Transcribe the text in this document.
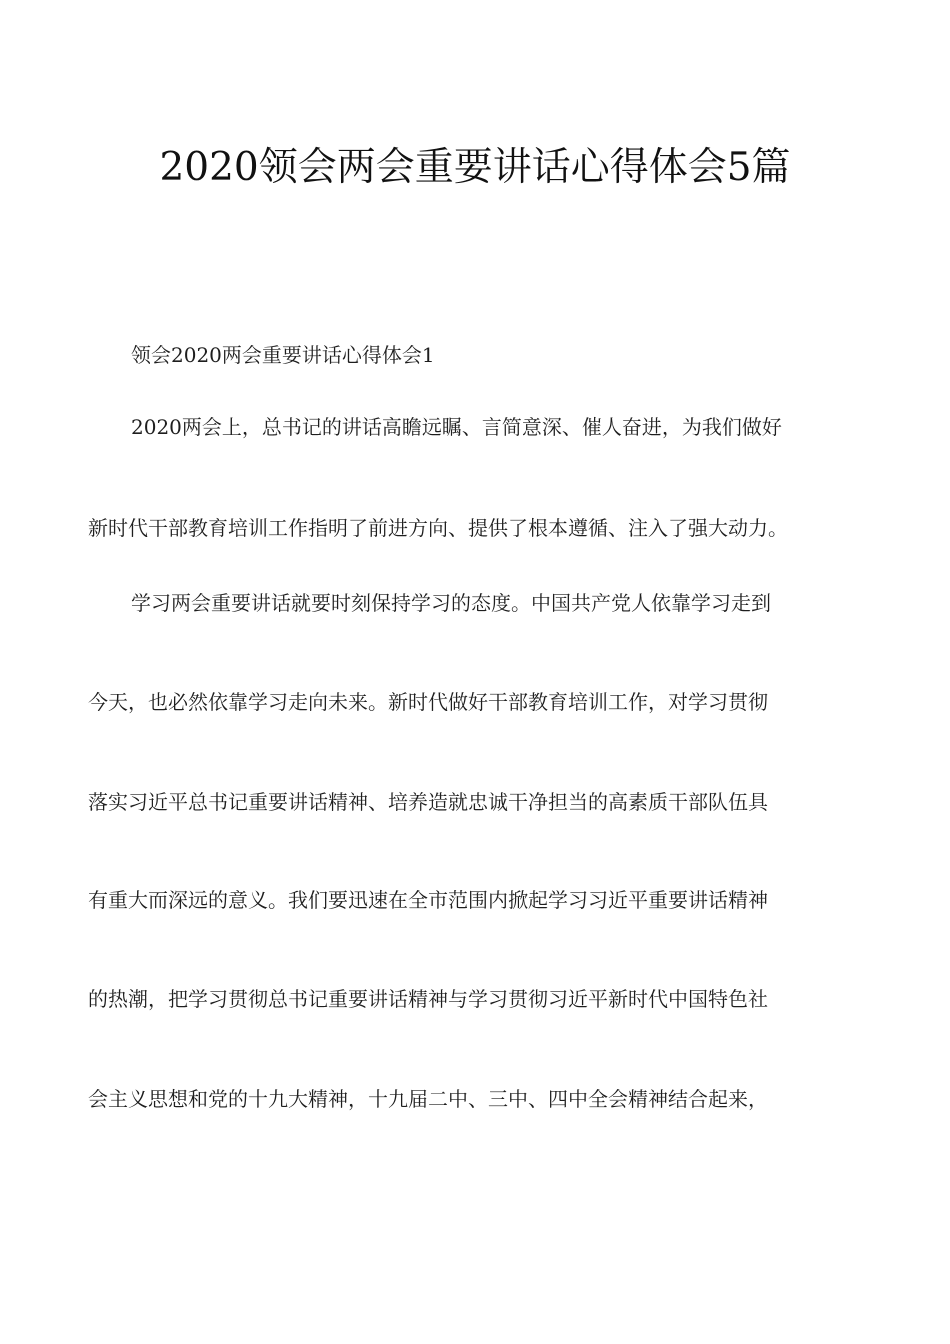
2020领会两会重要讲话心得体会5篇

领会2020两会重要讲话心得体会1

2020两会上，总书记的讲话高瞻远瞩、言简意深、催人奋进，为我们做好

新时代干部教育培训工作指明了前进方向、提供了根本遵循、注入了强大动力。

学习两会重要讲话就要时刻保持学习的态度。中国共产党人依靠学习走到

今天，也必然依靠学习走向未来。新时代做好干部教育培训工作，对学习贯彻

落实习近平总书记重要讲话精神、培养造就忠诚干净担当的高素质干部队伍具

有重大而深远的意义。我们要迅速在全市范围内掀起学习习近平重要讲话精神

的热潮，把学习贯彻总书记重要讲话精神与学习贯彻习近平新时代中国特色社

会主义思想和党的十九大精神，十九届二中、三中、四中全会精神结合起来，
